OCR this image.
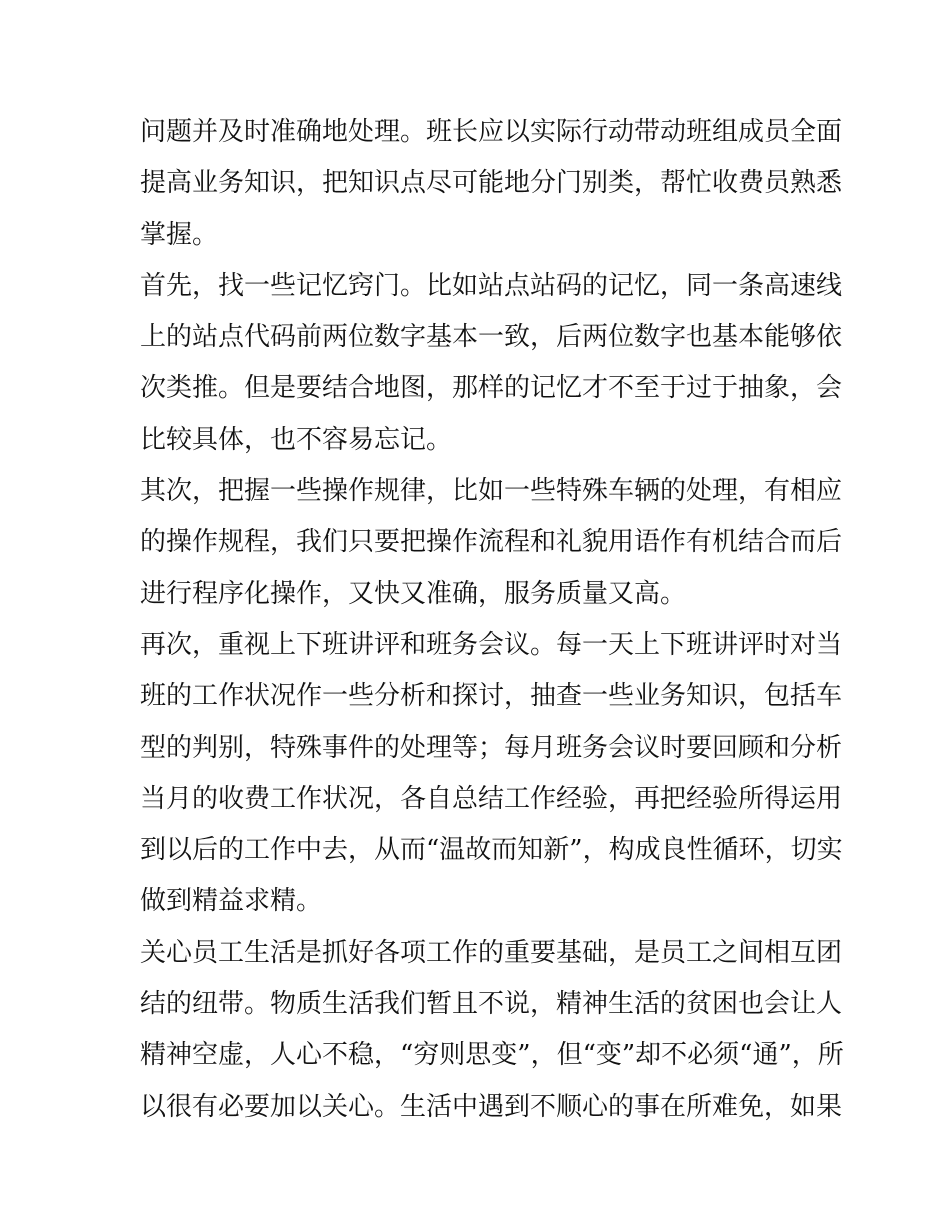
问题并及时准确地处理。班长应以实际行动带动班组成员全面
提高业务知识，把知识点尽可能地分门别类，帮忙收费员熟悉
掌握。
首先，找一些记忆窍门。比如站点站码的记忆，同一条高速线
上的站点代码前两位数字基本一致，后两位数字也基本能够依
次类推。但是要结合地图，那样的记忆才不至于过于抽象，会
比较具体，也不容易忘记。
其次，把握一些操作规律，比如一些特殊车辆的处理，有相应
的操作规程，我们只要把操作流程和礼貌用语作有机结合而后
进行程序化操作，又快又准确，服务质量又高。
再次，重视上下班讲评和班务会议。每一天上下班讲评时对当
班的工作状况作一些分析和探讨，抽查一些业务知识，包括车
型的判别，特殊事件的处理等；每月班务会议时要回顾和分析
当月的收费工作状况，各自总结工作经验，再把经验所得运用
到以后的工作中去，从而“温故而知新”，构成良性循环，切实
做到精益求精。
关心员工生活是抓好各项工作的重要基础，是员工之间相互团
结的纽带。物质生活我们暂且不说，精神生活的贫困也会让人
精神空虚，人心不稳，“穷则思变”，但“变”却不必须“通”，所
以很有必要加以关心。生活中遇到不顺心的事在所难免，如果
